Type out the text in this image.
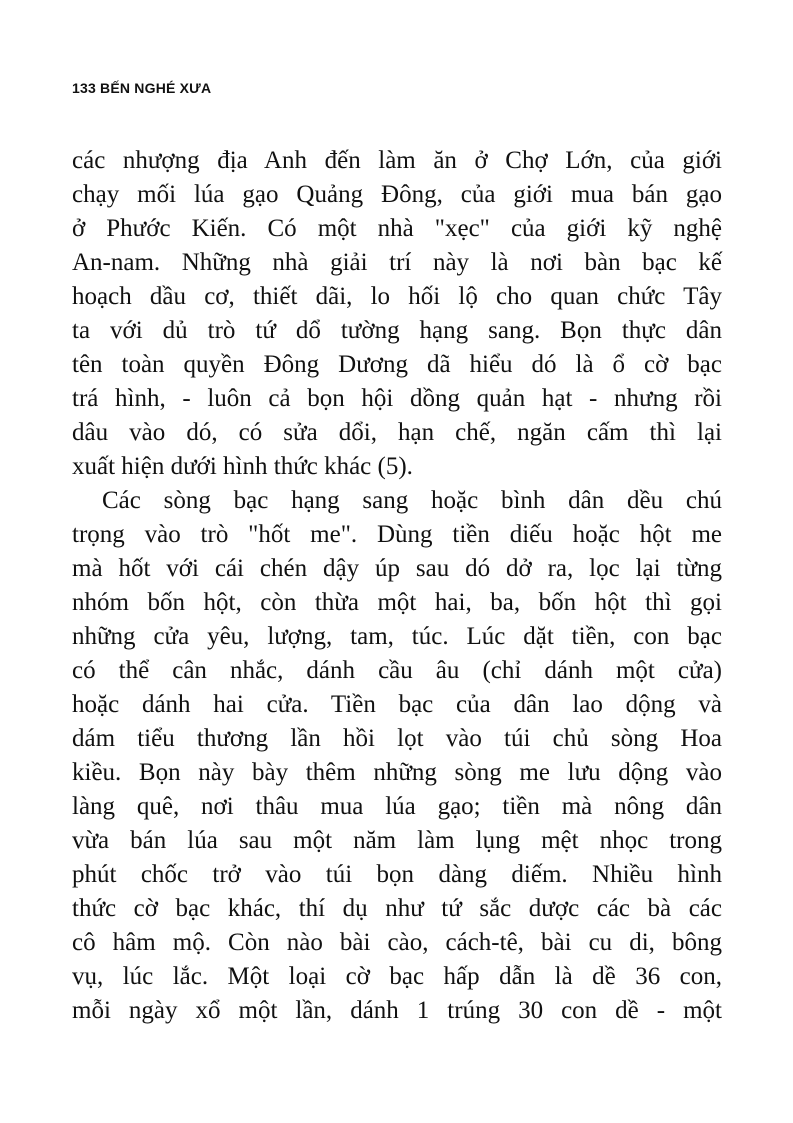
133 BẾN NGHÉ XƯA
các nhượng địa Anh đến làm ăn ở Chợ Lớn, của giới
chạy mối lúa gạo Quảng Đông, của giới mua bán gạo
ở Phước Kiến. Có một nhà "xẹc" của giới kỹ nghệ
An-nam. Những nhà giải trí này là nơi bàn bạc kế
hoạch dầu cơ, thiết dãi, lo hối lộ cho quan chức Tây
ta với dủ trò tứ dổ tường hạng sang. Bọn thực dân
tên toàn quyền Đông Dương dã hiểu dó là ổ cờ bạc
trá hình, - luôn cả bọn hội dồng quản hạt - nhưng rồi
dâu vào dó, có sửa dổi, hạn chế, ngăn cấm thì lại
xuất hiện dưới hình thức khác (5).
Các sòng bạc hạng sang hoặc bình dân dều chú
trọng vào trò "hốt me". Dùng tiền diếu hoặc hột me
mà hốt với cái chén dậy úp sau dó dở ra, lọc lại từng
nhóm bốn hột, còn thừa một hai, ba, bốn hột thì gọi
những cửa yêu, lượng, tam, túc. Lúc dặt tiền, con bạc
có thể cân nhắc, dánh cầu âu (chỉ dánh một cửa)
hoặc dánh hai cửa. Tiền bạc của dân lao dộng và
dám tiểu thương lần hồi lọt vào túi chủ sòng Hoa
kiều. Bọn này bày thêm những sòng me lưu dộng vào
làng quê, nơi thâu mua lúa gạo; tiền mà nông dân
vừa bán lúa sau một năm làm lụng mệt nhọc trong
phút chốc trở vào túi bọn dàng diếm. Nhiều hình
thức cờ bạc khác, thí dụ như tứ sắc dược các bà các
cô hâm mộ. Còn nào bài cào, cách-tê, bài cu di, bông
vụ, lúc lắc. Một loại cờ bạc hấp dẫn là dề 36 con,
mỗi ngày xổ một lần, dánh 1 trúng 30 con dề - một
